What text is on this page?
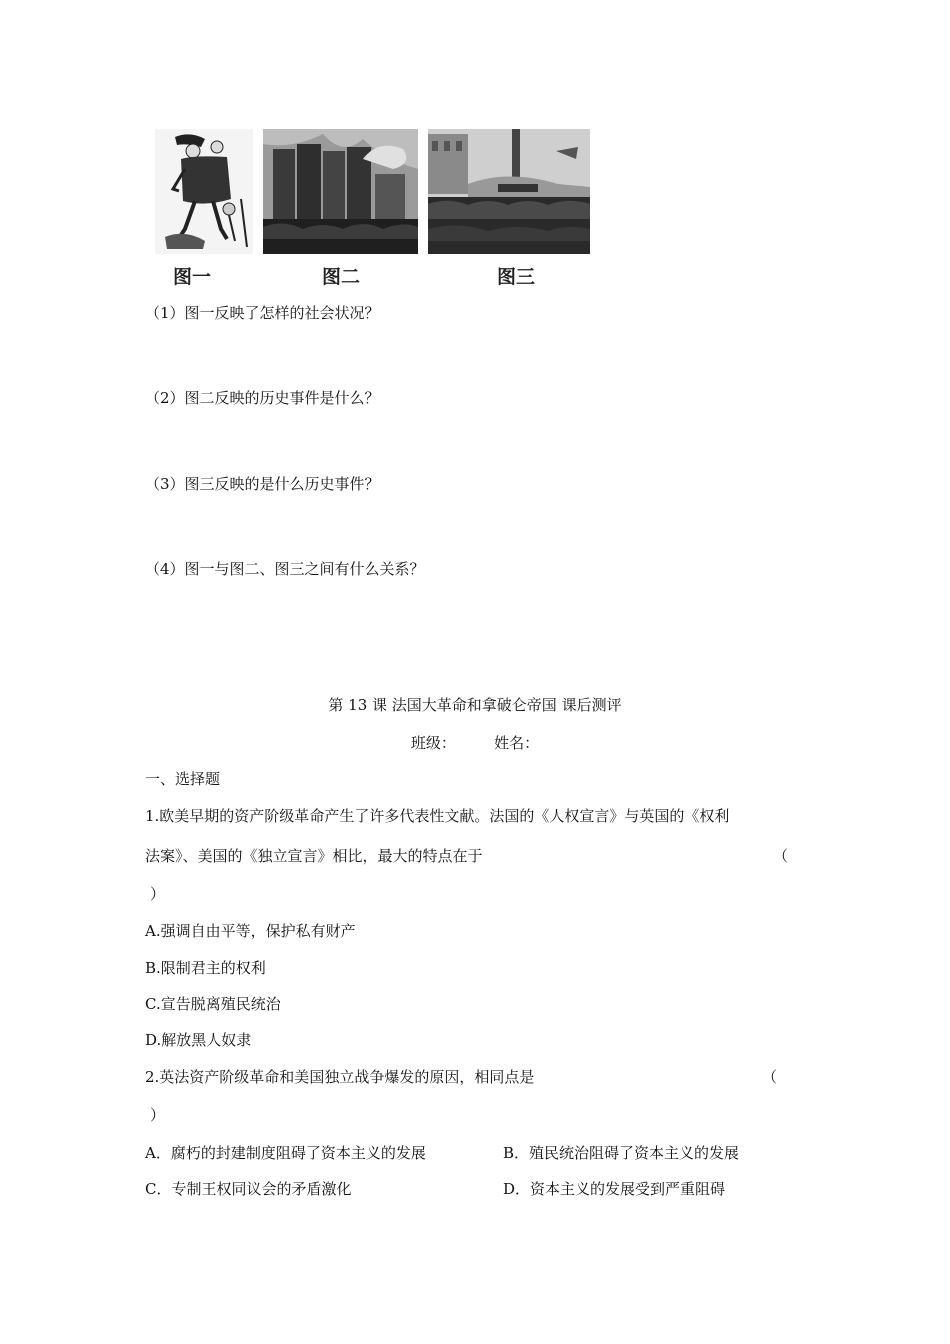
图一	图二	图三
（1）图一反映了怎样的社会状况？
（2）图二反映的历史事件是什么？
（3）图三反映的是什么历史事件？
（4）图一与图二、图三之间有什么关系？
第 13 课 法国大革命和拿破仑帝国 课后测评
班级：        姓名：
一、选择题
1.欧美早期的资产阶级革命产生了许多代表性文献。法国的《人权宣言》与英国的《权利
法案》、美国的《独立宣言》相比，最大的特点在于	（
）
A.强调自由平等，保护私有财产
B.限制君主的权利
C.宣告脱离殖民统治
D.解放黑人奴隶
2.英法资产阶级革命和美国独立战争爆发的原因，相同点是	（
）
A．腐朽的封建制度阻碍了资本主义的发展	B．殖民统治阻碍了资本主义的发展
C．专制王权同议会的矛盾激化	D．资本主义的发展受到严重阻碍
